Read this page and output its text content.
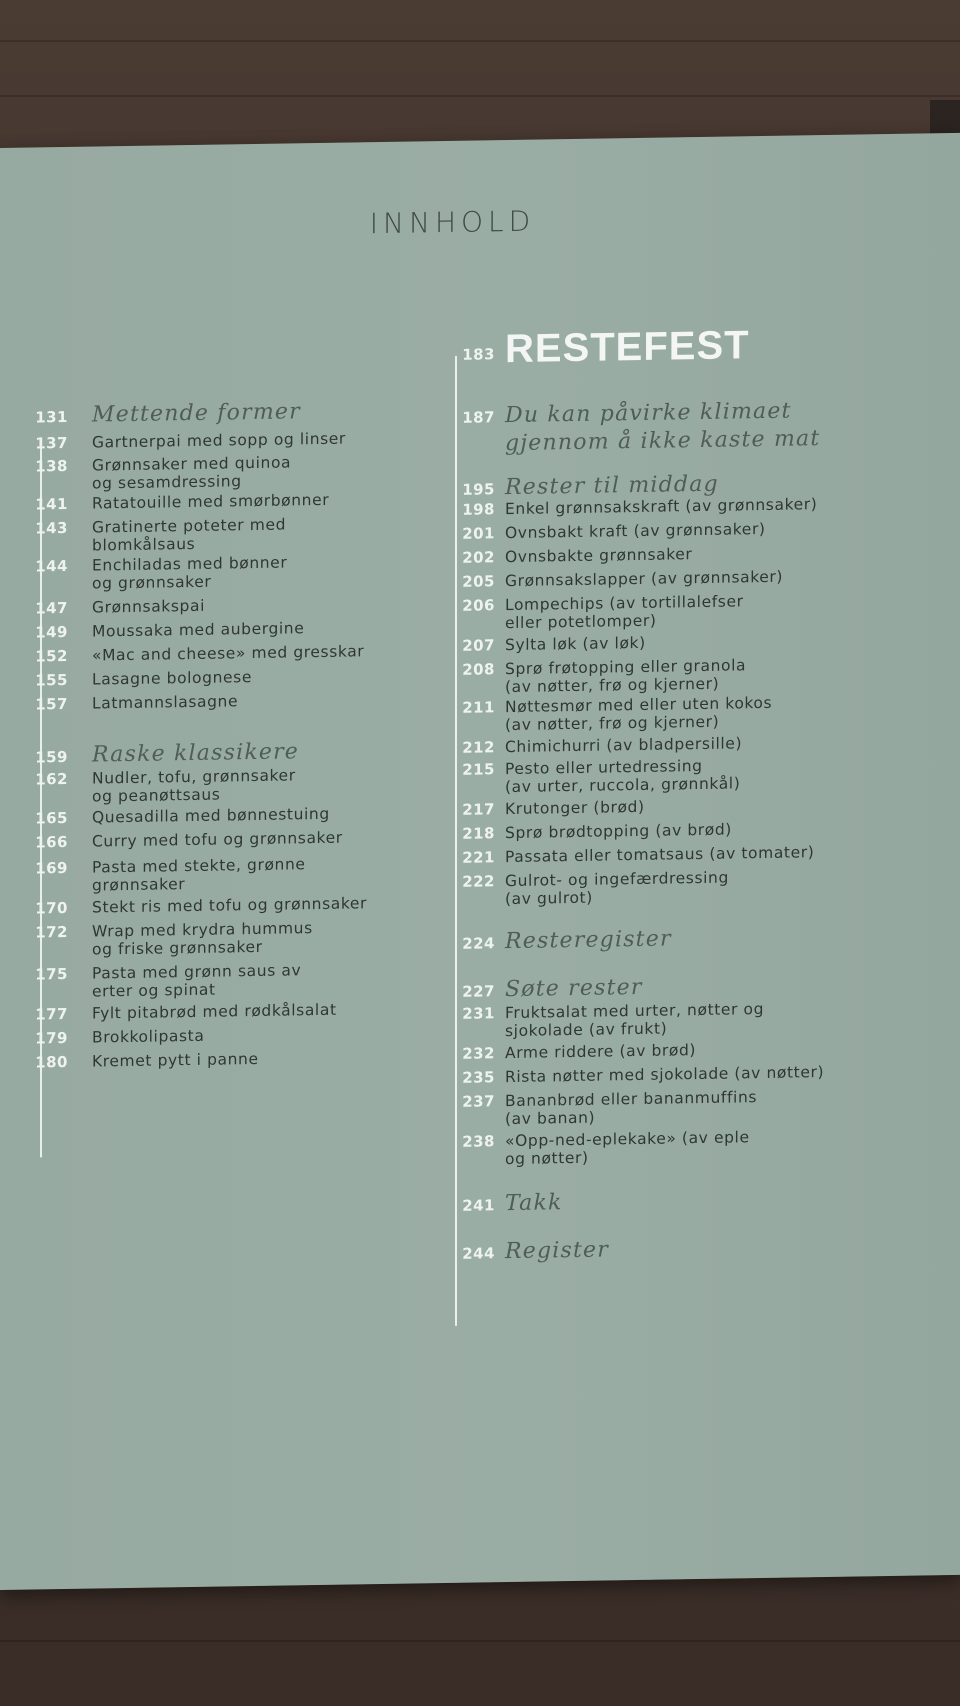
INNHOLD
131 Mettende former
137 Gartnerpai med sopp og linser
138 Grønnsaker med quinoa
og sesamdressing
141 Ratatouille med smørbønner
143 Gratinerte poteter med
blomkålsaus
144 Enchiladas med bønner
og grønnsaker
147 Grønnsakspai
149 Moussaka med aubergine
152 «Mac and cheese» med gresskar
155 Lasagne bolognese
157 Latmannslasagne
159 Raske klassikere
162 Nudler, tofu, grønnsaker
og peanøttsaus
165 Quesadilla med bønnestuing
166 Curry med tofu og grønnsaker
169 Pasta med stekte, grønne
grønnsaker
170 Stekt ris med tofu og grønnsaker
172 Wrap med krydra hummus
og friske grønnsaker
175 Pasta med grønn saus av
erter og spinat
177 Fylt pitabrød med rødkålsalat
179 Brokkolipasta
180 Kremet pytt i panne
183 RESTEFEST
187 Du kan påvirke klimaet
gjennom å ikke kaste mat
195 Rester til middag
198 Enkel grønnsakskraft (av grønnsaker)
201 Ovnsbakt kraft (av grønnsaker)
202 Ovnsbakte grønnsaker
205 Grønnsakslapper (av grønnsaker)
206 Lompechips (av tortillalefser
eller potetlomper)
207 Sylta løk (av løk)
208 Sprø frøtopping eller granola
(av nøtter, frø og kjerner)
211 Nøttesmør med eller uten kokos
(av nøtter, frø og kjerner)
212 Chimichurri (av bladpersille)
215 Pesto eller urtedressing
(av urter, ruccola, grønnkål)
217 Krutonger (brød)
218 Sprø brødtopping (av brød)
221 Passata eller tomatsaus (av tomater)
222 Gulrot- og ingefærdressing
(av gulrot)
224 Resteregister
227 Søte rester
231 Fruktsalat med urter, nøtter og
sjokolade (av frukt)
232 Arme riddere (av brød)
235 Rista nøtter med sjokolade (av nøtter)
237 Bananbrød eller bananmuffins
(av banan)
238 «Opp-ned-eplekake» (av eple
og nøtter)
241 Takk
244 Register
